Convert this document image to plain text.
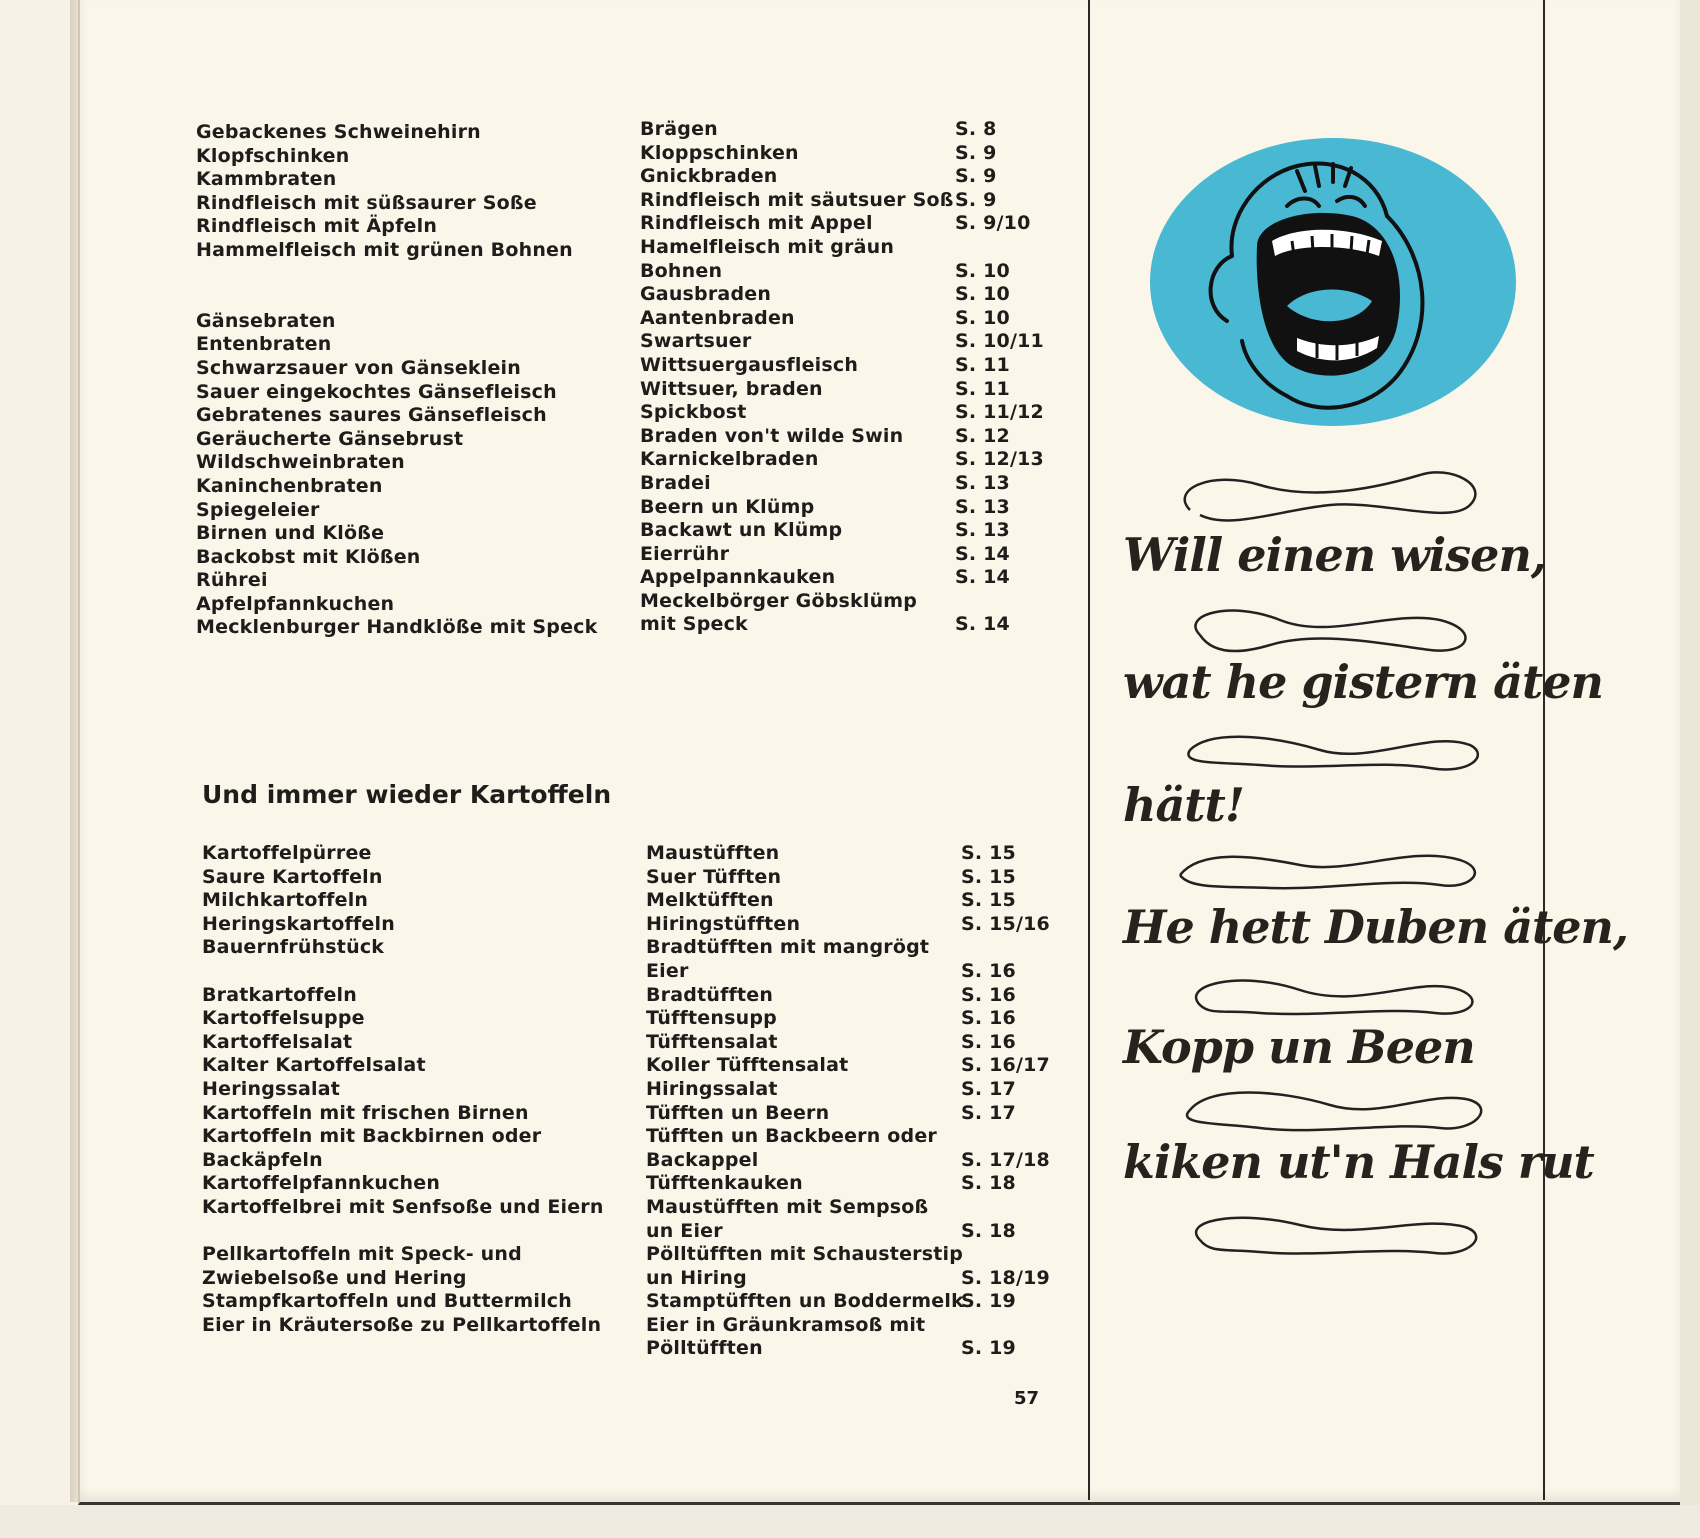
Gebackenes Schweinehirn
Klopfschinken
Kammbraten
Rindfleisch mit süßsaurer Soße
Rindfleisch mit Äpfeln
Hammelfleisch mit grünen Bohnen
Gänsebraten
Entenbraten
Schwarzsauer von Gänseklein
Sauer eingekochtes Gänsefleisch
Gebratenes saures Gänsefleisch
Geräucherte Gänsebrust
Wildschweinbraten
Kaninchenbraten
Spiegeleier
Birnen und Klöße
Backobst mit Klößen
Rührei
Apfelpfannkuchen
Mecklenburger Handklöße mit Speck
Brägen
Kloppschinken
Gnickbraden
Rindfleisch mit säutsuer Soß
Rindfleisch mit Appel
Hamelfleisch mit gräun
Bohnen
Gausbraden
Aantenbraden
Swartsuer
Wittsuergausfleisch
Wittsuer, braden
Spickbost
Braden von't wilde Swin
Karnickelbraden
Bradei
Beern un Klümp
Backawt un Klümp
Eierrühr
Appelpannkauken
Meckelbörger Göbsklümp
mit Speck
S. 8
S. 9
S. 9
S. 9
S. 9/10
S. 10
S. 10
S. 10
S. 10/11
S. 11
S. 11
S. 11/12
S. 12
S. 12/13
S. 13
S. 13
S. 13
S. 14
S. 14
S. 14
Und immer wieder Kartoffeln
Kartoffelpürree
Saure Kartoffeln
Milchkartoffeln
Heringskartoffeln
Bauernfrühstück
Bratkartoffeln
Kartoffelsuppe
Kartoffelsalat
Kalter Kartoffelsalat
Heringssalat
Kartoffeln mit frischen Birnen
Kartoffeln mit Backbirnen oder
Backäpfeln
Kartoffelpfannkuchen
Kartoffelbrei mit Senfsoße und Eiern
Pellkartoffeln mit Speck- und
Zwiebelsoße und Hering
Stampfkartoffeln und Buttermilch
Eier in Kräutersoße zu Pellkartoffeln
Maustüfften
Suer Tüfften
Melktüfften
Hiringstüfften
Bradtüfften mit mangrögt
Eier
Bradtüfften
Tüfftensupp
Tüfftensalat
Koller Tüfftensalat
Hiringssalat
Tüfften un Beern
Tüfften un Backbeern oder
Backappel
Tüfftenkauken
Maustüfften mit Sempsoß
un Eier
Pölltüfften mit Schausterstip
un Hiring
Stamptüfften un Boddermelk
Eier in Gräunkramsoß mit
Pölltüfften
S. 15
S. 15
S. 15
S. 15/16
S. 16
S. 16
S. 16
S. 16
S. 16/17
S. 17
S. 17
S. 17/18
S. 18
S. 18
S. 18/19
S. 19
S. 19
57
Will einen wisen,
wat he gistern äten
hätt!
He hett Duben äten,
Kopp un Been
kiken ut'n Hals rut
